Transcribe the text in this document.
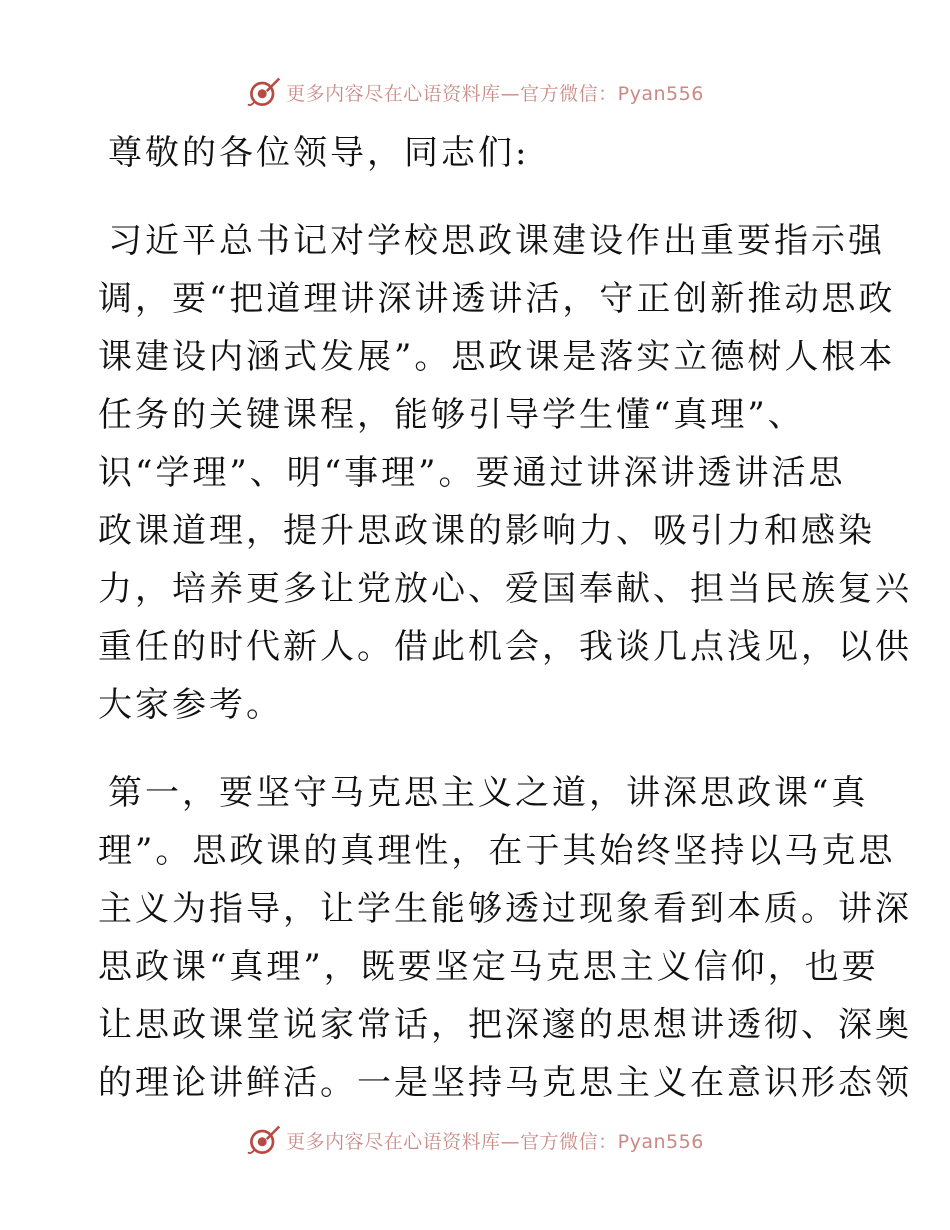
更多内容尽在心语资料库—官方微信：Pyan556
尊敬的各位领导，同志们:
习近平总书记对学校思政课建设作出重要指示强
调，要“把道理讲深讲透讲活，守正创新推动思政
课建设内涵式发展”。思政课是落实立德树人根本
任务的关键课程，能够引导学生懂“真理”、
识“学理”、明“事理”。要通过讲深讲透讲活思
政课道理，提升思政课的影响力、吸引力和感染
力，培养更多让党放心、爱国奉献、担当民族复兴
重任的时代新人。借此机会，我谈几点浅见，以供
大家参考。
第一，要坚守马克思主义之道，讲深思政课“真
理”。思政课的真理性，在于其始终坚持以马克思
主义为指导，让学生能够透过现象看到本质。讲深
思政课“真理”，既要坚定马克思主义信仰，也要
让思政课堂说家常话，把深邃的思想讲透彻、深奥
的理论讲鲜活。一是坚持马克思主义在意识形态领
更多内容尽在心语资料库—官方微信：Pyan556
